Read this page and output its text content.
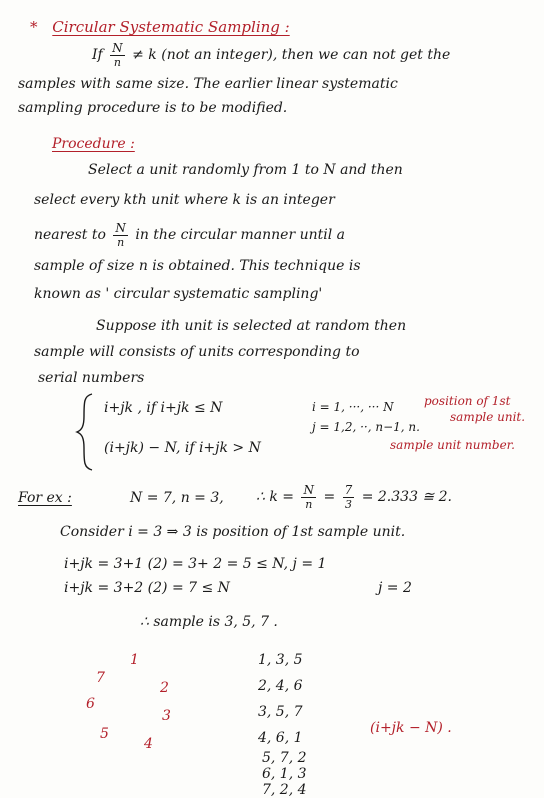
* Circular Systematic Sampling :
If $\frac{N}{n} \ne k$ (not an integer), then we can not get the
samples with same size. The earlier linear systematic
sampling procedure is to be modified.
Procedure :
Select a unit randomly from 1 to N and then
select every kth unit where k is an integer
nearest to $\frac{N}{n}$ in the circular manner until a
sample of size n is obtained. This technique is
known as ' circular systematic sampling'
Suppose ith unit is selected at random then
sample will consists of units corresponding to
serial numbers
i+jk , if i+jk ≤ N
(i+jk) − N, if i+jk > N
i = 1, ···, ··· N	position of 1st
sample unit.
j = 1,2, ··, n−1, n.
sample unit number.
For ex :	N = 7, n = 3, ∴ $k = \frac{N}{n} = \frac{7}{3} = 2.333$ ≅ 2.
Consider i = 3 ⇒ 3 is position of 1st sample unit.
i+jk = 3+1 (2) = 3+ 2 = 5 ≤ N, j = 1
i+jk = 3+2 (2) = 7 ≤ N	j = 2
∴ sample is 3, 5, 7 .
1
2
3
4
5
6
7
1, 3, 5
2, 4, 6
3, 5, 7
4, 6, 1
5, 7, 2
6, 1, 3
7, 2, 4
(i+jk − N) .
